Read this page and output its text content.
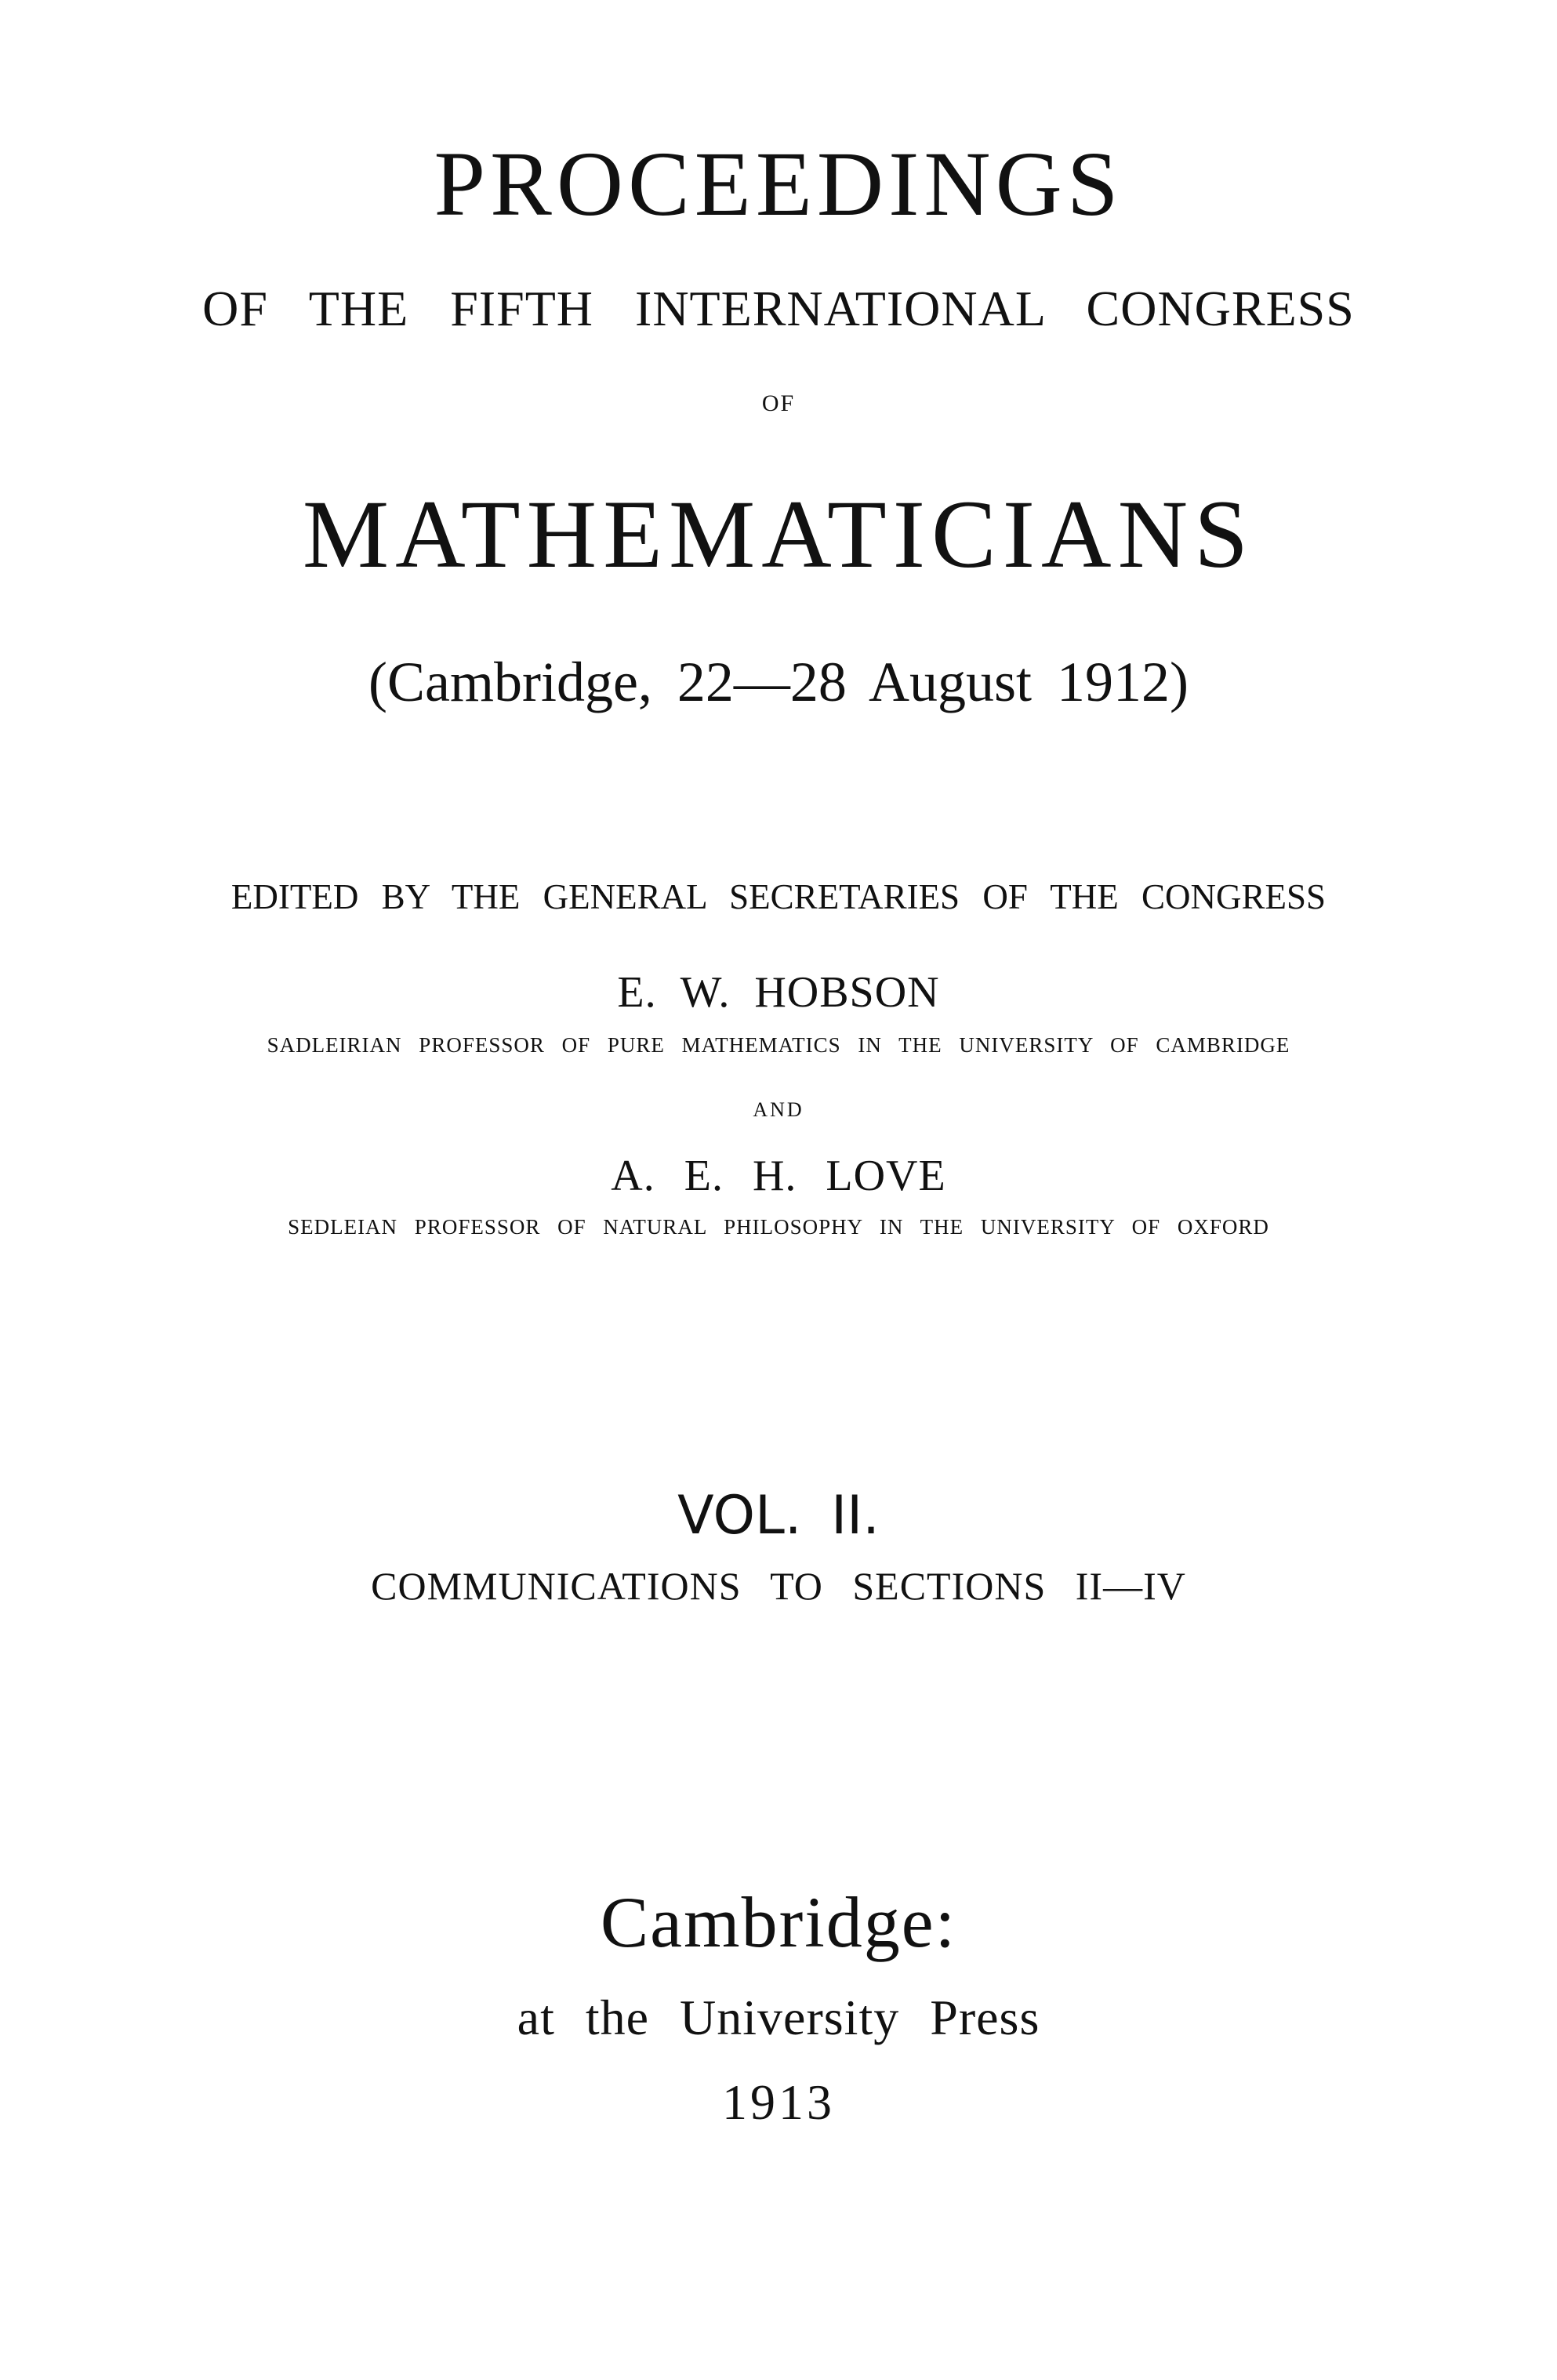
PROCEEDINGS
OF THE FIFTH INTERNATIONAL CONGRESS
OF
MATHEMATICIANS
(Cambridge, 22—28 August 1912)
EDITED BY THE GENERAL SECRETARIES OF THE CONGRESS
E. W. HOBSON
SADLEIRIAN PROFESSOR OF PURE MATHEMATICS IN THE UNIVERSITY OF CAMBRIDGE
AND
A. E. H. LOVE
SEDLEIAN PROFESSOR OF NATURAL PHILOSOPHY IN THE UNIVERSITY OF OXFORD
VOL. II.
COMMUNICATIONS TO SECTIONS II—IV
Cambridge:
at the University Press
1913
